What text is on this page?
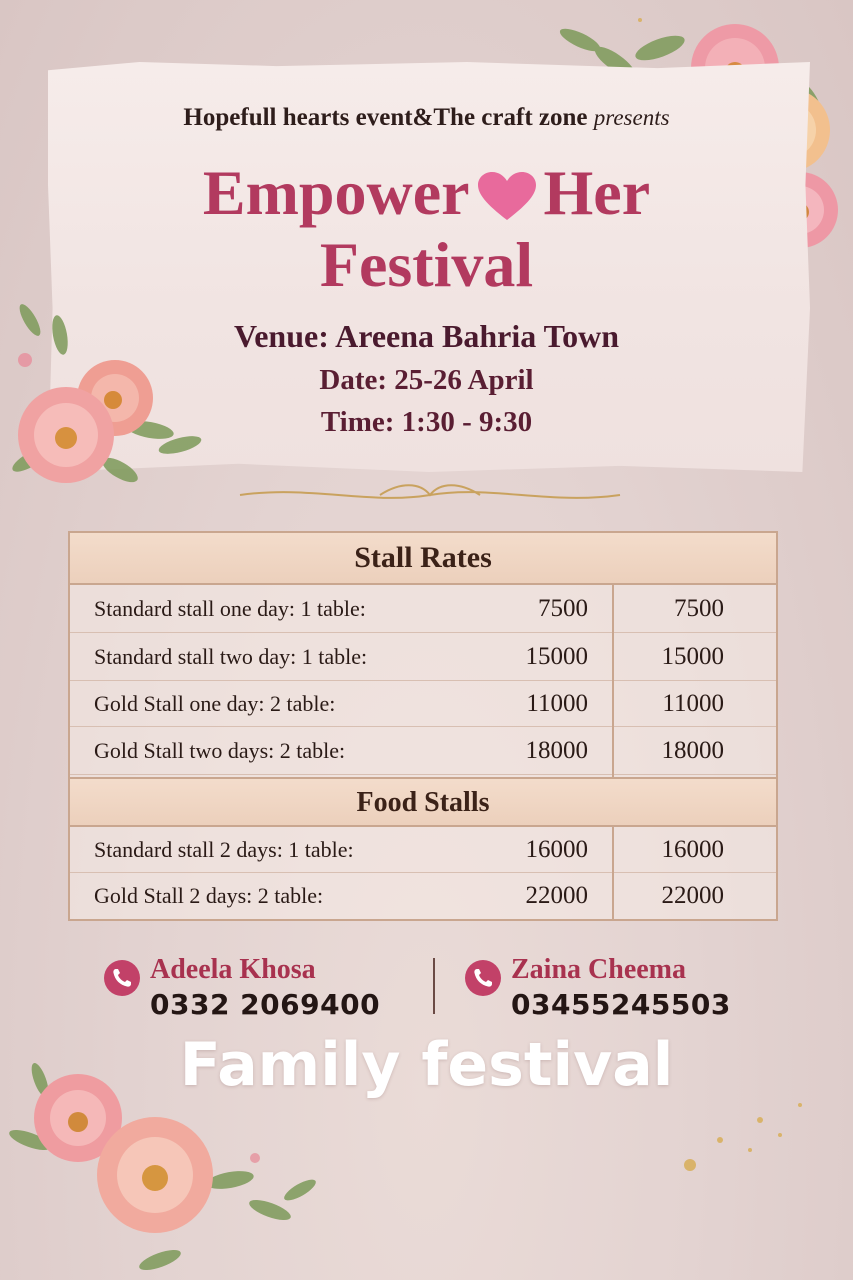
Hopefull hearts event&The craft zone presents
Empower Her
Festival
Venue: Areena Bahria Town
Date: 25-26 April
Time: 1:30 - 9:30
Stall Rates
Standard stall one day: 1 table:	7500	7500
Standard stall two day: 1 table:	15000	15000
Gold Stall one day: 2 table:	11000	11000
Gold Stall two days: 2 table:	18000	18000
Food Stalls
Standard stall 2 days: 1 table:	16000	16000
Gold Stall 2 days: 2 table:	22000	22000
Adeela Khosa
0332 2069400
Zaina Cheema
03455245503
Family festival
